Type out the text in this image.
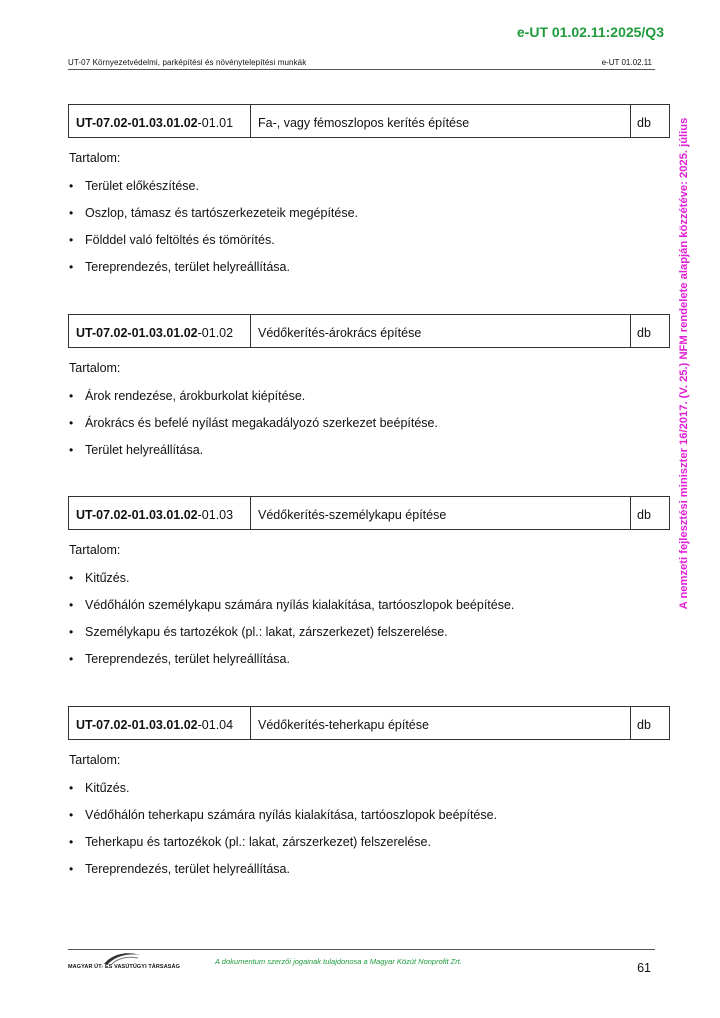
e-UT 01.02.11:2025/Q3
UT-07 Környezetvédelmi, parképítési és növénytelepítési munkák	e-UT 01.02.11
A nemzeti fejlesztési miniszter 16/2017. (V. 25.) NFM rendelete alapján közzétéve: 2025. július
UT-07.02-01.03.01.02 -01.01	Fa-, vagy fémoszlopos kerítés építése	db
Tartalom:
• Terület előkészítése.
• Oszlop, támasz és tartószerkezeteik megépítése.
• Földdel való feltöltés és tömörítés.
• Tereprendezés, terület helyreállítása.
UT-07.02-01.03.01.02 -01.02	Védőkerítés-árokrács építése	db
Tartalom:
• Árok rendezése, árokburkolat kiépítése.
• Árokrács és befelé nyílást megakadályozó szerkezet beépítése.
• Terület helyreállítása.
UT-07.02-01.03.01.02 -01.03	Védőkerítés-személykapu építése	db
Tartalom:
• Kitűzés.
• Védőhálón személykapu számára nyílás kialakítása, tartóoszlopok beépítése.
• Személykapu és tartozékok (pl.: lakat, zárszerkezet) felszerelése.
• Tereprendezés, terület helyreállítása.
UT-07.02-01.03.01.02 -01.04	Védőkerítés-teherkapu építése	db
Tartalom:
• Kitűzés.
• Védőhálón teherkapu számára nyílás kialakítása, tartóoszlopok beépítése.
• Teherkapu és tartozékok (pl.: lakat, zárszerkezet) felszerelése.
• Tereprendezés, terület helyreállítása.
MAGYAR ÚT- ÉS VASÚTÜGYI TÁRSASÁG
A dokumentum szerzői jogainak tulajdonosa a Magyar Közút Nonprofit Zrt.	61
